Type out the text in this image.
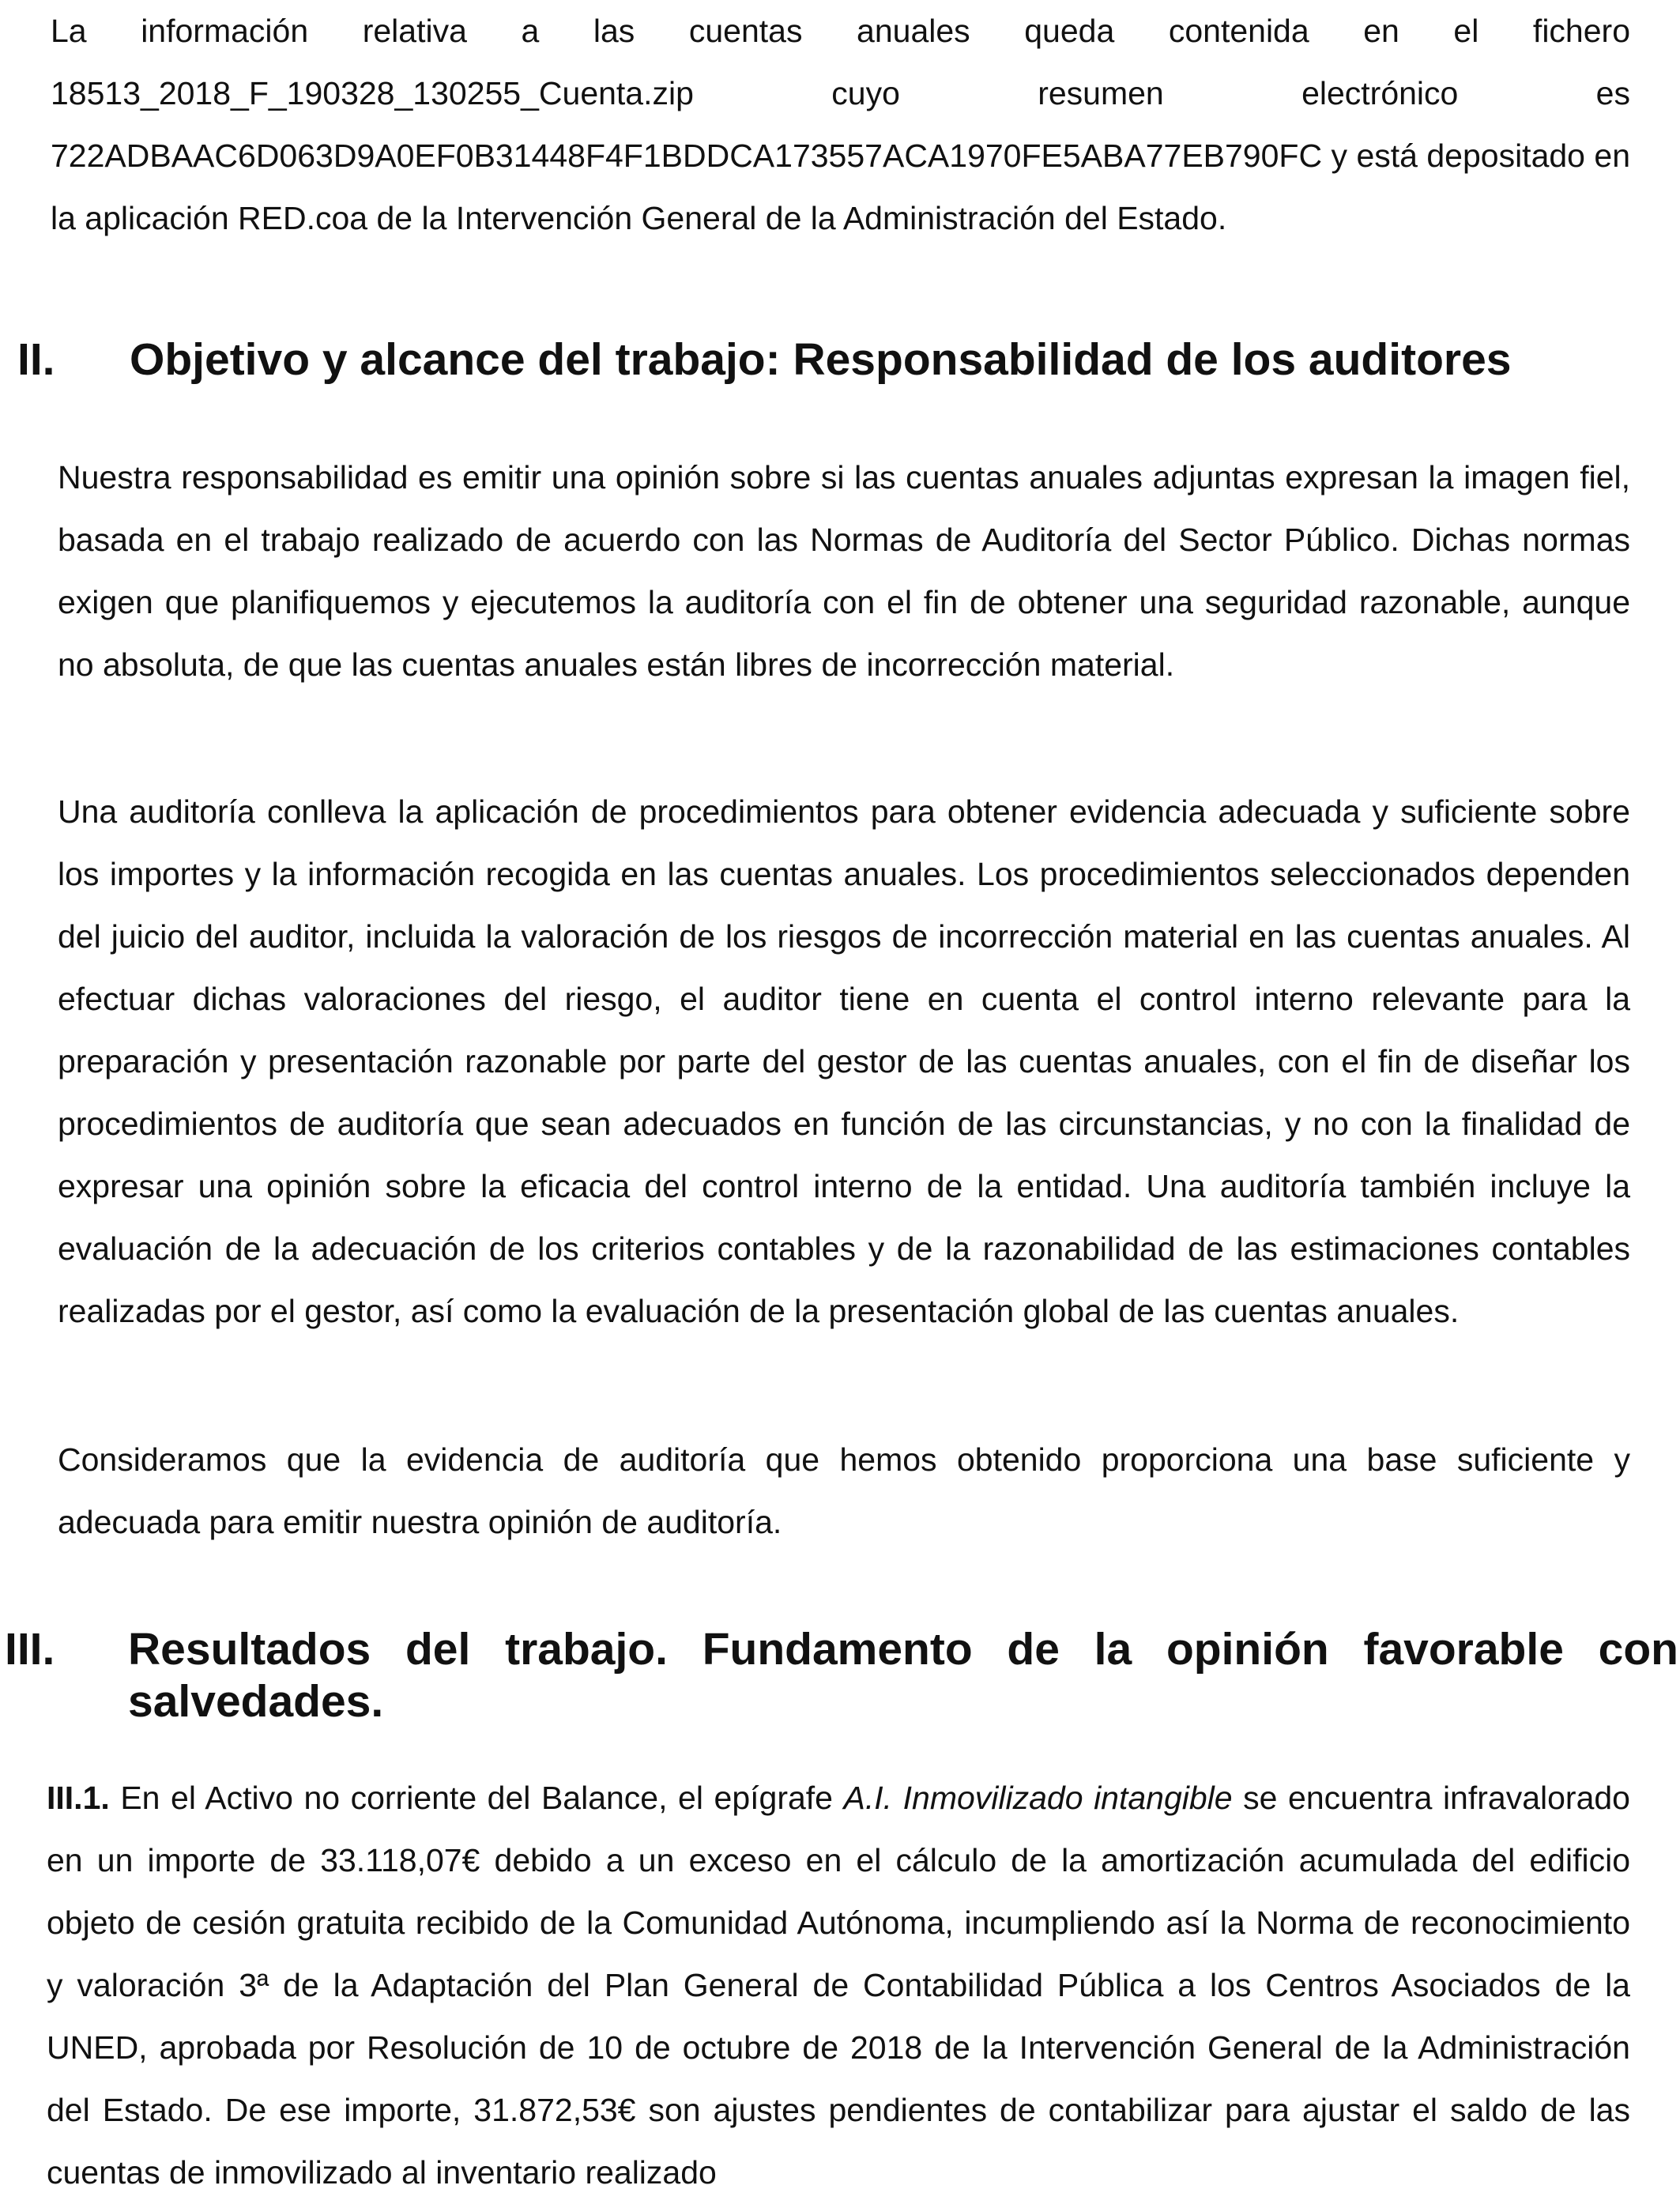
La información relativa a las cuentas anuales queda contenida en el fichero 18513_2018_F_190328_130255_Cuenta.zip	cuyo resumen electrónico es 722ADBAAC6D063D9A0EF0B31448F4F1BDDCA173557ACA1970FE5ABA77EB790FC y está depositado en la aplicación RED.coa de la Intervención General de la Administración del Estado.

II.	Objetivo y alcance del trabajo: Responsabilidad de los auditores

Nuestra responsabilidad es emitir una opinión sobre si las cuentas anuales adjuntas expresan la imagen fiel, basada en el trabajo realizado de acuerdo con las Normas de Auditoría del Sector Público. Dichas normas exigen que planifiquemos y ejecutemos la auditoría con el fin de obtener una seguridad razonable, aunque no absoluta, de que las cuentas anuales están libres de incorrección material.

Una auditoría conlleva la aplicación de procedimientos para obtener evidencia adecuada y suficiente sobre los importes y la información recogida en las cuentas anuales. Los procedimientos seleccionados dependen del juicio del auditor, incluida la valoración de los riesgos de incorrección material en las cuentas anuales. Al efectuar dichas valoraciones del riesgo, el auditor tiene en cuenta el control interno relevante para la preparación y presentación razonable por parte del gestor de las cuentas anuales, con el fin de diseñar los procedimientos de auditoría que sean adecuados en función de las circunstancias, y no con la finalidad de expresar una opinión sobre la eficacia del control interno de la entidad. Una auditoría también incluye la evaluación de la adecuación de los criterios contables y de la razonabilidad de las estimaciones contables realizadas por el gestor, así como la evaluación de la presentación global de las cuentas anuales.

Consideramos que la evidencia de auditoría que hemos obtenido proporciona una base suficiente y adecuada para emitir nuestra opinión de auditoría.

III.	Resultados del trabajo. Fundamento de la opinión favorable con salvedades.

III.1. En el Activo no corriente del Balance, el epígrafe A.I. Inmovilizado intangible se encuentra infravalorado en un importe de 33.118,07€ debido a un exceso en el cálculo de la amortización acumulada del edificio objeto de cesión gratuita recibido de la Comunidad Autónoma, incumpliendo así la Norma de reconocimiento y valoración 3ª de la Adaptación del Plan General de Contabilidad Pública a los Centros Asociados de la UNED, aprobada por Resolución de 10 de octubre de 2018 de la Intervención General de la Administración del Estado. De ese importe, 31.872,53€ son ajustes pendientes de contabilizar para ajustar el saldo de las cuentas de inmovilizado al inventario realizado
